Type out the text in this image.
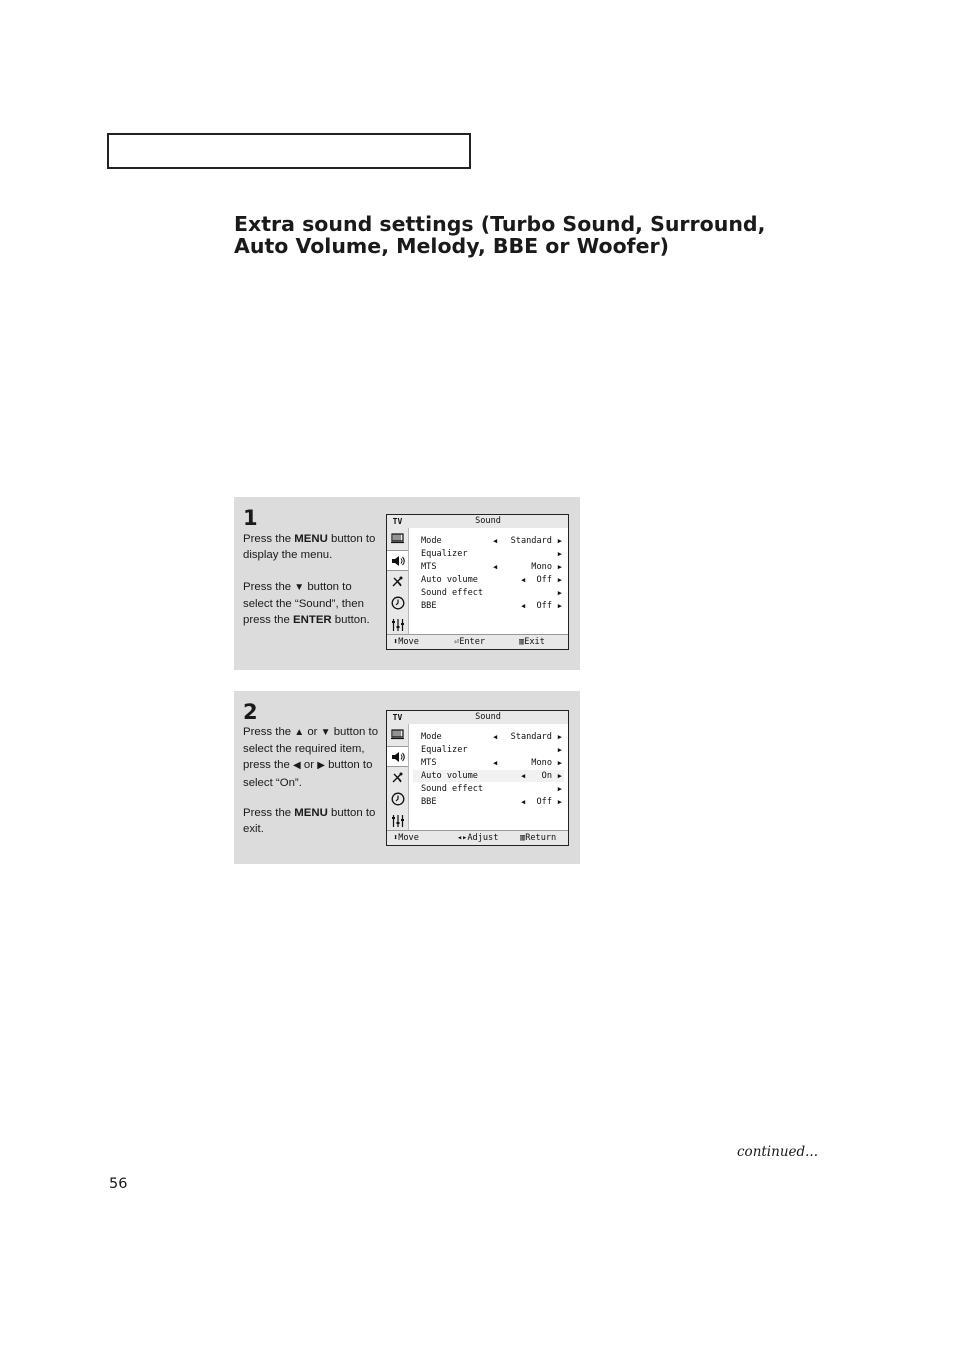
Extra sound settings (Turbo Sound, Surround, Auto Volume, Melody, BBE or Woofer)
1
Press the MENU button to display the menu.
Press the ▼ button to select the “Sound”, then press the ENTER button.
TV	Sound
Mode	◀ Standard ▶
Equalizer	▶
MTS	◀	Mono ▶
Auto volume	◀ Off ▶
Sound effect	▶
BBE	◀ Off ▶
⬍Move	⏎Enter	▥Exit
2
Press the ▲ or ▼ button to select the required item, press the ◀ or ▶ button to select “On”.
Press the MENU button to exit.
TV	Sound
Mode	◀ Standard ▶
Equalizer	▶
MTS	◀	Mono ▶
Auto volume	◀ On ▶
Sound effect	▶
BBE	◀ Off ▶
⬍Move	◂▸Adjust	▥Return
continued...
56
